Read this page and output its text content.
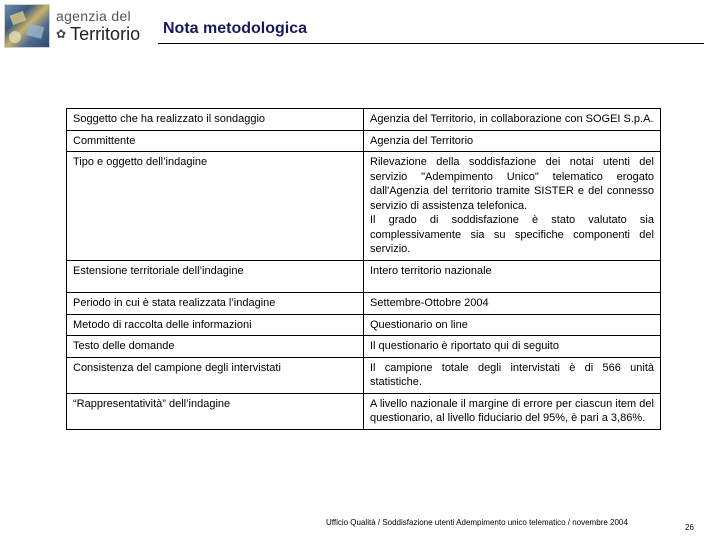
agenzia del
✿ Territorio Nota metodologica
Soggetto che ha realizzato il sondaggio	Agenzia del Territorio, in collaborazione con SOGEI S.p.A.
Committente	Agenzia del Territorio
Tipo e oggetto dell’indagine	Rilevazione della soddisfazione dei notai utenti del servizio "Adempimento Unico" telematico erogato dall'Agenzia del territorio tramite SISTER e del connesso servizio di assistenza telefonica.
Il grado di soddisfazione è stato valutato sia complessivamente sia su specifiche componenti del servizio.

Estensione territoriale dell’indagine	Intero territorio nazionale
Periodo in cui è stata realizzata l’indagine	Settembre-Ottobre 2004
Metodo di raccolta delle informazioni	Questionario on line
Testo delle domande	Il questionario è riportato qui di seguito
Consistenza del campione degli intervistati	Il campione totale degli intervistati è di 566 unità statistiche.
“Rappresentatività” dell’indagine	A livello nazionale il margine di errore per ciascun item del questionario, al livello fiduciario del 95%, è pari a 3,86%.
Ufficio Qualità / Soddisfazione utenti Adempimento unico telematico / novembre 2004
26
